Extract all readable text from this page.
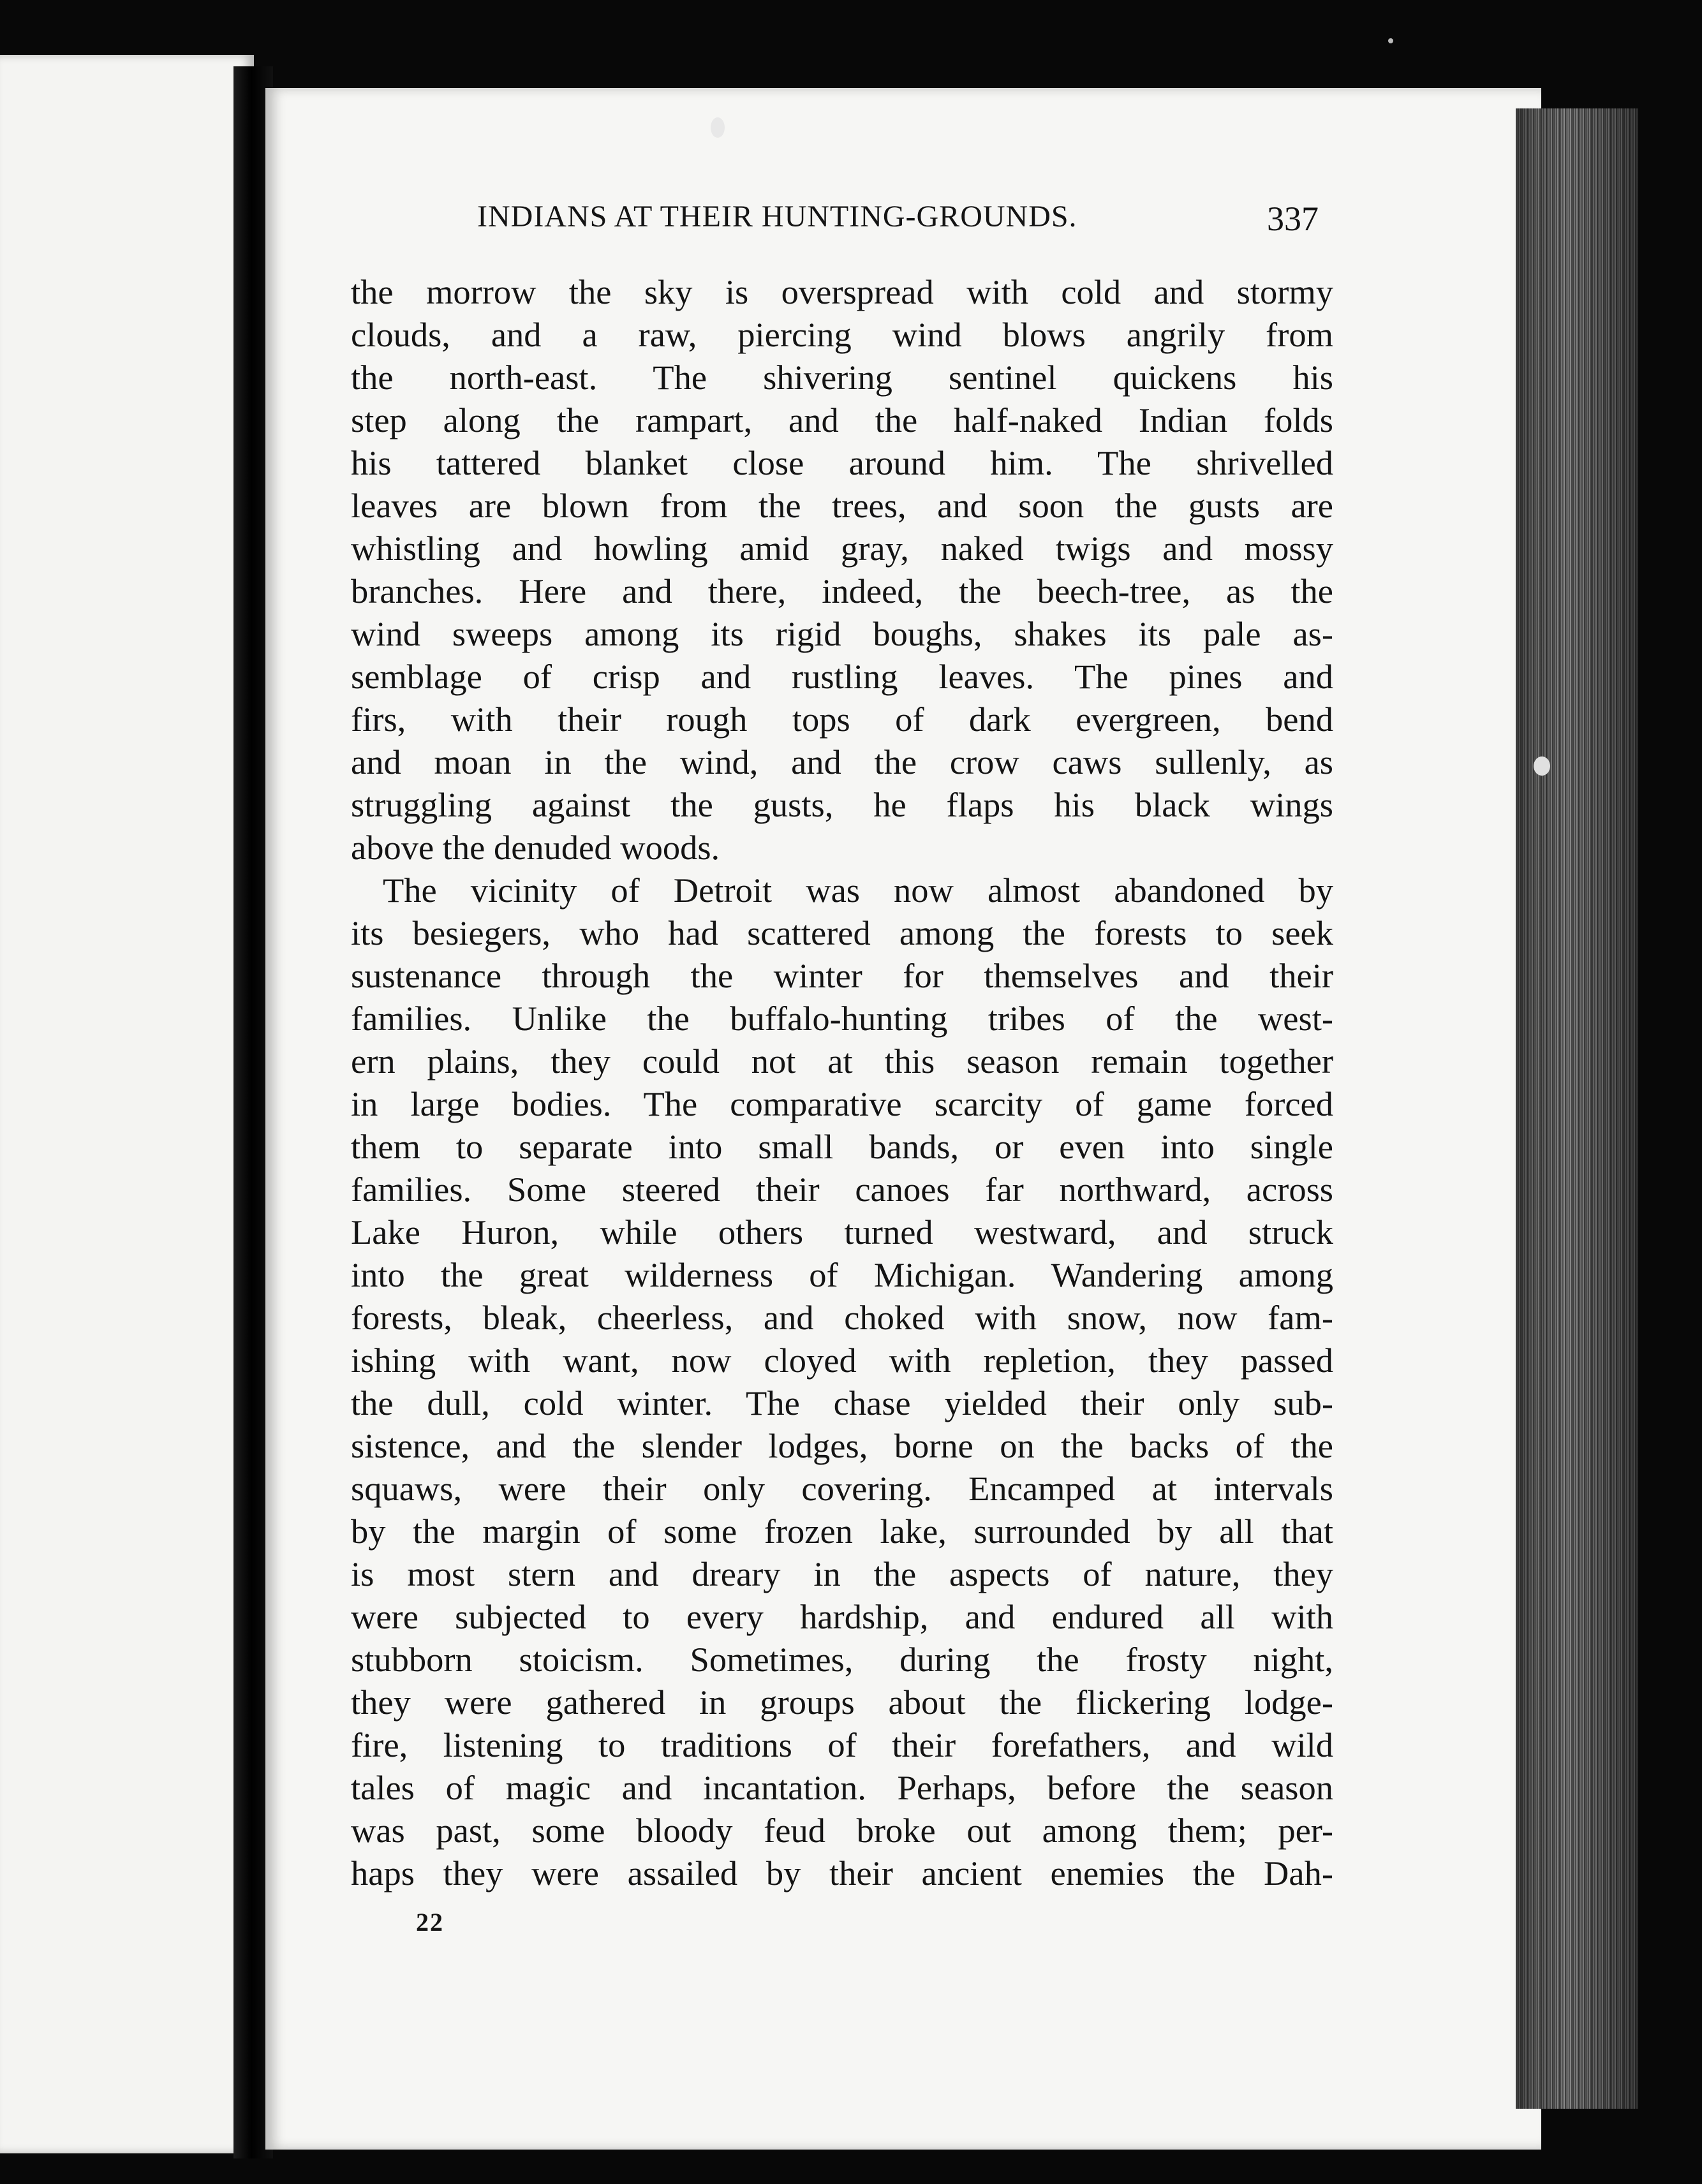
INDIANS AT THEIR HUNTING-GROUNDS.	337
the morrow the sky is overspread with cold and stormy
clouds, and a raw, piercing wind blows angrily from
the north-east. The shivering sentinel quickens his
step along the rampart, and the half-naked Indian folds
his tattered blanket close around him. The shrivelled
leaves are blown from the trees, and soon the gusts are
whistling and howling amid gray, naked twigs and mossy
branches. Here and there, indeed, the beech-tree, as the
wind sweeps among its rigid boughs, shakes its pale as-
semblage of crisp and rustling leaves. The pines and
firs, with their rough tops of dark evergreen, bend
and moan in the wind, and the crow caws sullenly, as
struggling against the gusts, he flaps his black wings
above the denuded woods.
The vicinity of Detroit was now almost abandoned by
its besiegers, who had scattered among the forests to seek
sustenance through the winter for themselves and their
families. Unlike the buffalo-hunting tribes of the west-
ern plains, they could not at this season remain together
in large bodies. The comparative scarcity of game forced
them to separate into small bands, or even into single
families. Some steered their canoes far northward, across
Lake Huron, while others turned westward, and struck
into the great wilderness of Michigan. Wandering among
forests, bleak, cheerless, and choked with snow, now fam-
ishing with want, now cloyed with repletion, they passed
the dull, cold winter. The chase yielded their only sub-
sistence, and the slender lodges, borne on the backs of the
squaws, were their only covering. Encamped at intervals
by the margin of some frozen lake, surrounded by all that
is most stern and dreary in the aspects of nature, they
were subjected to every hardship, and endured all with
stubborn stoicism. Sometimes, during the frosty night,
they were gathered in groups about the flickering lodge-
fire, listening to traditions of their forefathers, and wild
tales of magic and incantation. Perhaps, before the season
was past, some bloody feud broke out among them; per-
haps they were assailed by their ancient enemies the Dah-
22
